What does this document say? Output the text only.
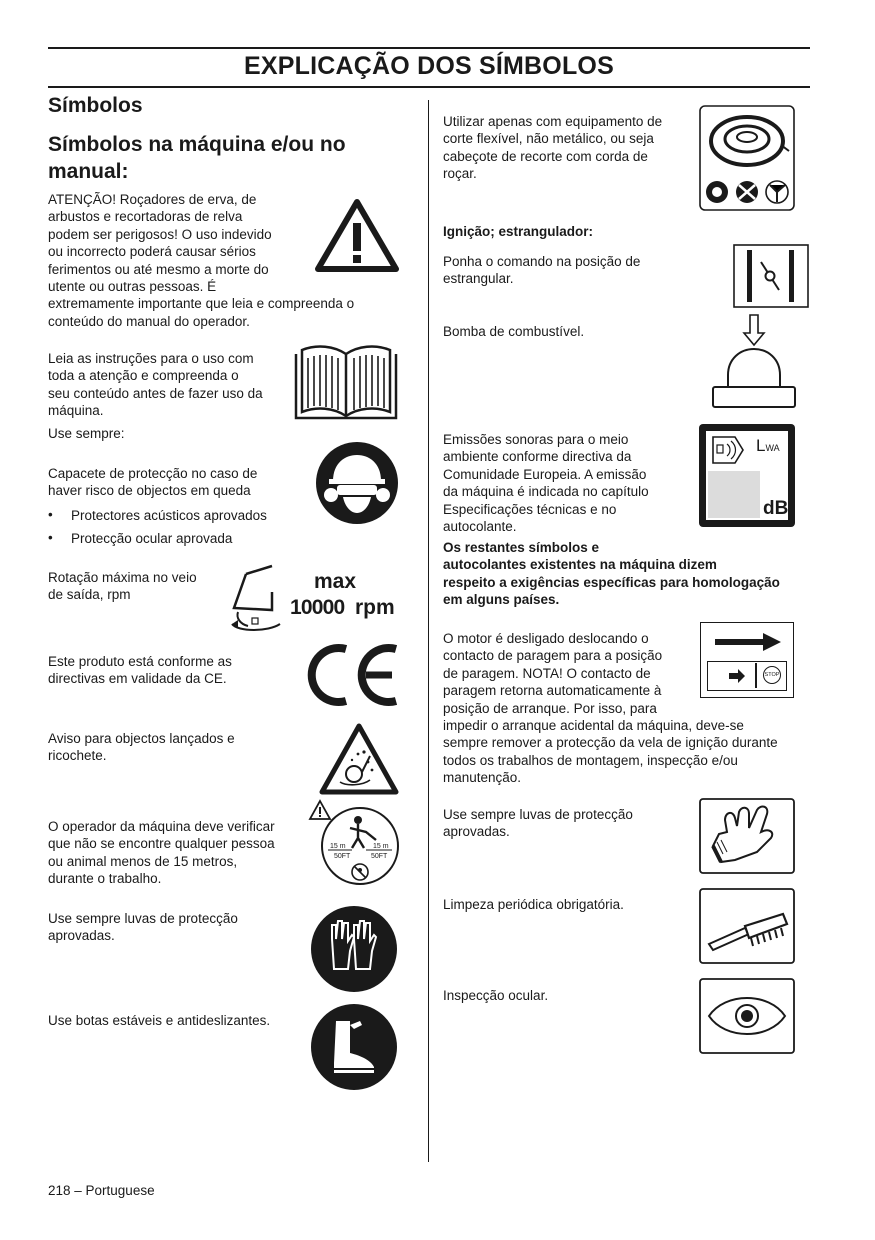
EXPLICAÇÃO DOS SÍMBOLOS
Símbolos
Símbolos na máquina e/ou no
manual:
ATENÇÃO! Roçadores de erva, de
arbustos e recortadoras de relva
podem ser perigosos! O uso indevido
ou incorrecto poderá causar sérios
ferimentos ou até mesmo a morte do
utente ou outras pessoas. É
extremamente importante que leia e compreenda o
conteúdo do manual do operador.
Leia as instruções para o uso com
toda a atenção e compreenda o
seu conteúdo antes de fazer uso da
máquina.
Use sempre:
Capacete de protecção no caso de
haver risco de objectos em queda
• Protectores acústicos aprovados
• Protecção ocular aprovada
Rotação máxima no veio
de saída, rpm
max
10000 rpm
Este produto está conforme as
directivas em validade da CE.
Aviso para objectos lançados e
ricochete.
O operador da máquina deve verificar
que não se encontre qualquer pessoa
ou animal menos de 15 metros,
durante o trabalho.
15 m
50FT
15 m
50FT
Use sempre luvas de protecção
aprovadas.
Use botas estáveis e antideslizantes.
Utilizar apenas com equipamento de
corte flexível, não metálico, ou seja
cabeçote de recorte com corda de
roçar.
Ignição; estrangulador:
Ponha o comando na posição de
estrangular.
Bomba de combustível.
Emissões sonoras para o meio
ambiente conforme directiva da
Comunidade Europeia. A emissão
da máquina é indicada no capítulo
Especificações técnicas e no
autocolante.
LWA
dB
Os restantes símbolos e
autocolantes existentes na máquina dizem
respeito a exigências específicas para homologação
em alguns países.
O motor é desligado deslocando o
contacto de paragem para a posição
de paragem. NOTA! O contacto de
paragem retorna automaticamente à
posição de arranque. Por isso, para
impedir o arranque acidental da máquina, deve-se
sempre remover a protecção da vela de ignição durante
todos os trabalhos de montagem, inspecção e/ou
manutenção.
STOP
Use sempre luvas de protecção
aprovadas.
Limpeza periódica obrigatória.
Inspecção ocular.
218 – Portuguese
